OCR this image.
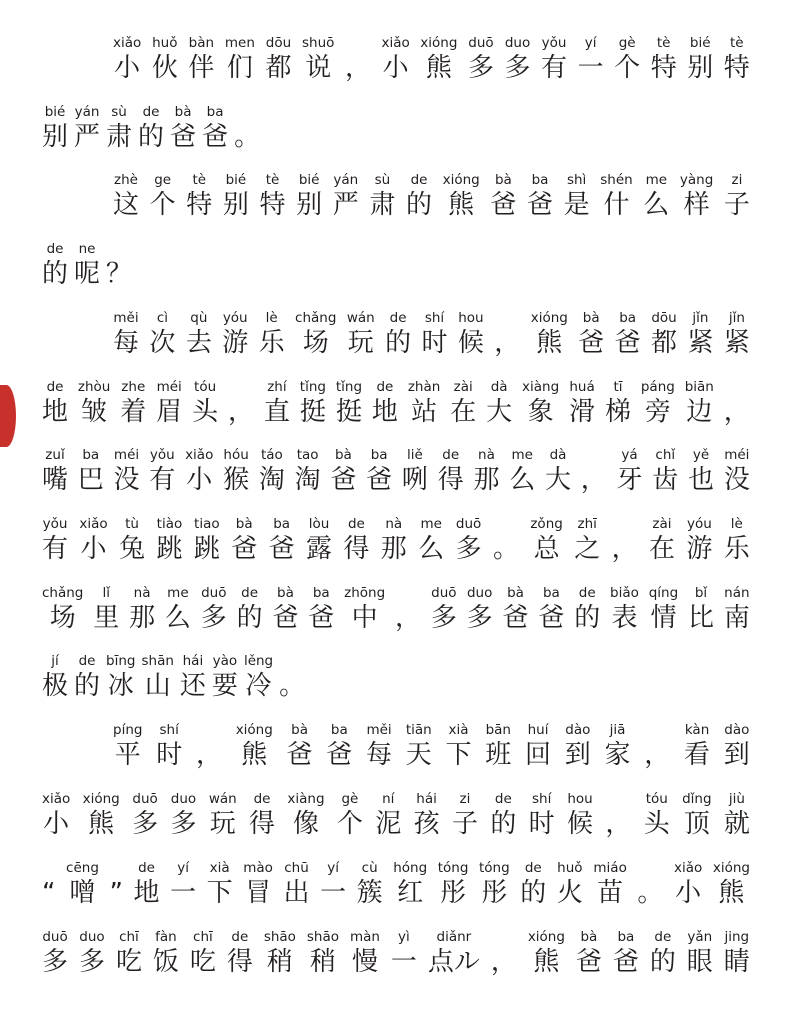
xiǎo
小
huǒ
伙
bàn
伴
men
们
dōu
都
shuō
说 ，
xiǎo
小
xióng
熊
duō
多
duo
多
yǒu
有
yí
一
gè
个
tè
特
bié
别
tè
特
bié
别
yán
严
sù
肃
de
的
bà
爸
ba
爸 。
zhè
这
ge
个
tè
特
bié
别
tè
特
bié
别
yán
严
sù
肃
de
的
xióng
熊
bà
爸
ba
爸
shì
是
shén
什
me
么
yàng
样
zi
子
de
的
ne
呢 ？
měi
每
cì
次
qù
去
yóu
游
lè
乐
chǎng
场
wán
玩
de
的
shí
时
hou
候 ，
xióng
熊
bà
爸
ba
爸
dōu
都
jǐn
紧
jǐn
紧
de
地
zhòu
皱
zhe
着
méi
眉
tóu
头 ，
zhí
直
tǐng
挺
tǐng
挺
de
地
zhàn
站
zài
在
dà
大
xiàng
象
huá
滑
tī
梯
páng
旁
biān
边 ，
zuǐ
嘴
ba
巴
méi
没
yǒu
有
xiǎo
小
hóu
猴
táo
淘
tao
淘
bà
爸
ba
爸
liě
咧
de
得
nà
那
me
么
dà
大 ，
yá
牙
chǐ
齿
yě
也
méi
没
yǒu
有
xiǎo
小
tù
兔
tiào
跳
tiao
跳
bà
爸
ba
爸
lòu
露
de
得
nà
那
me
么
duō
多 。
zǒng
总
zhī
之 ，
zài
在
yóu
游
lè
乐
chǎng
场
lǐ
里
nà
那
me
么
duō
多
de
的
bà
爸
ba
爸
zhōng
中 ，
duō
多
duo
多
bà
爸
ba
爸
de
的
biǎo
表
qíng
情
bǐ
比
nán
南
jí
极
de
的
bīng
冰
shān
山
hái
还
yào
要
lěng
冷 。
píng
平
shí
时 ，
xióng
熊
bà
爸
ba
爸
měi
每
tiān
天
xià
下
bān
班
huí
回
dào
到
jiā
家 ，
kàn
看
dào
到
xiǎo
小
xióng
熊
duō
多
duo
多
wán
玩
de
得
xiàng
像
gè
个
ní
泥
hái
孩
zi
子
de
的
shí
时
hou
候 ，
tóu
头
dǐng
顶
jiù
就
“
cēng
噌 ”
de
地
yí
一
xià
下
mào
冒
chū
出
yí
一
cù
簇
hóng
红
tóng
彤
tóng
彤
de
的
huǒ
火
miáo
苗 。
xiǎo
小
xióng
熊
duō
多
duo
多
chī
吃
fàn
饭
chī
吃
de
得
shāo
稍
shāo
稍
màn
慢
yì
一
diǎnr
点ル ，
xióng
熊
bà
爸
ba
爸
de
的
yǎn
眼
jing
睛
